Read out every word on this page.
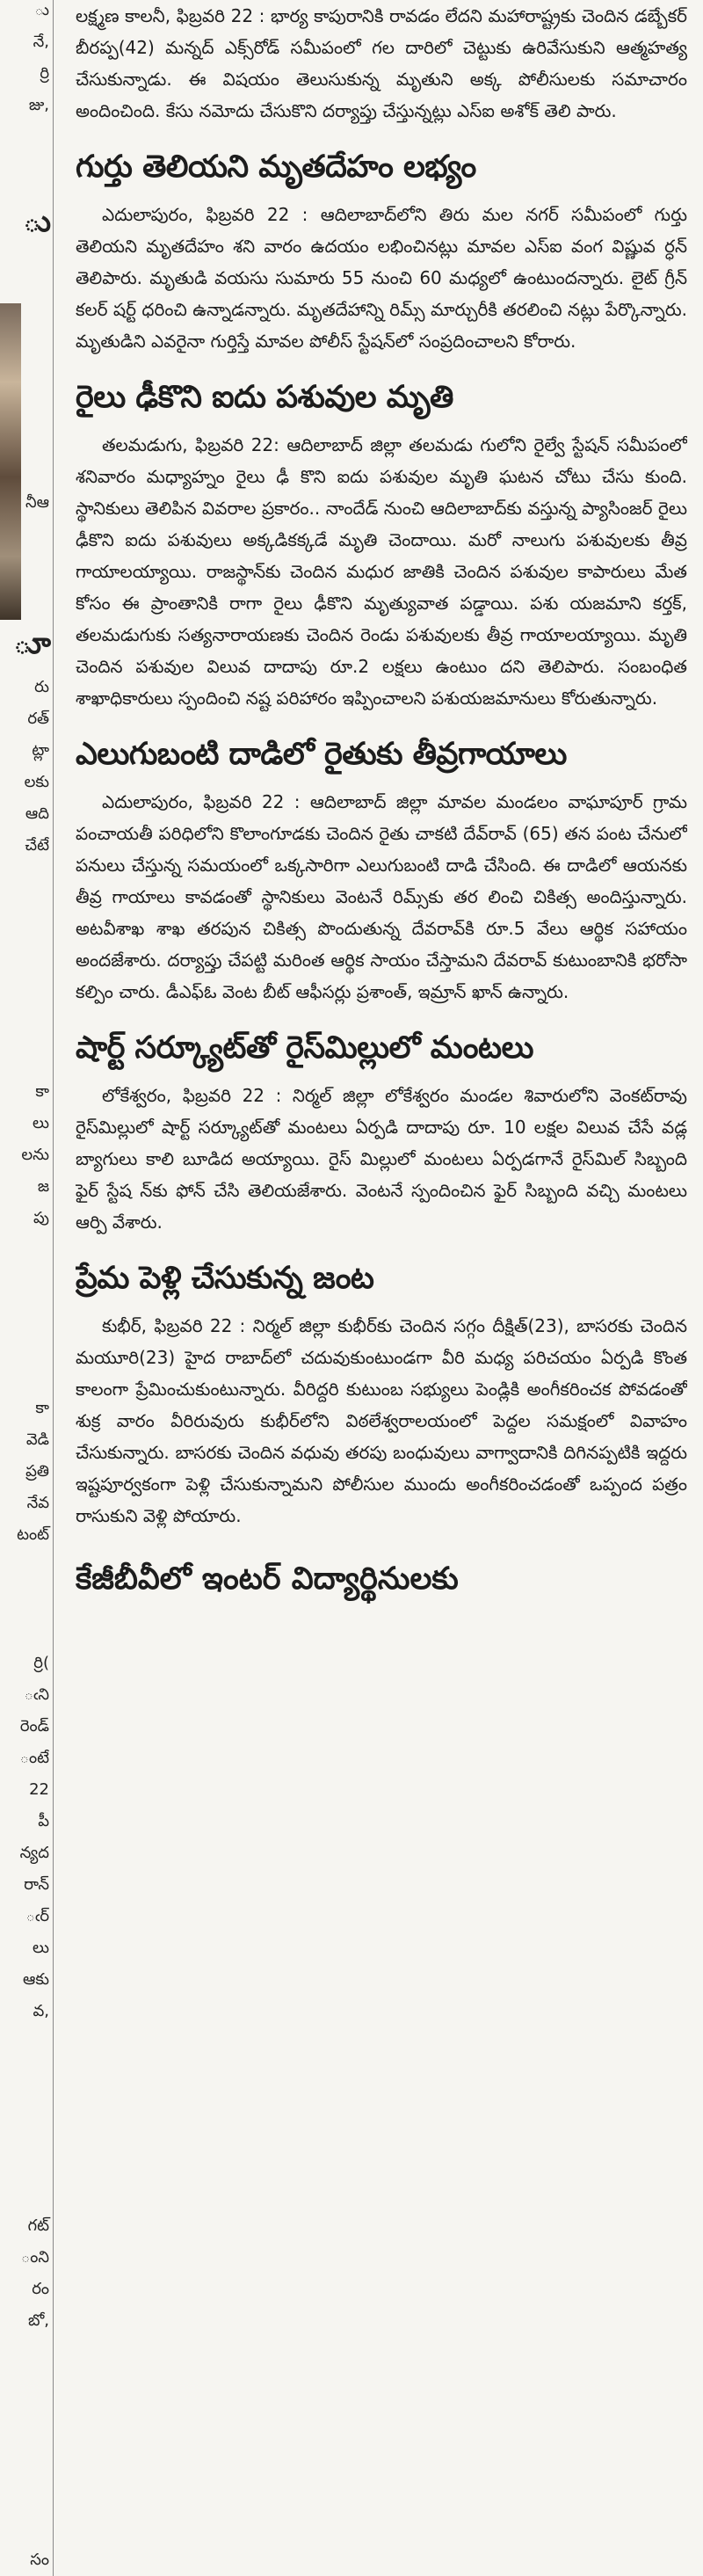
ు
నే,
ర్రి
జు,
ు
నీఆ
ూ
రు
రత్
ట్లా
లకు
ఆది
చేటే
కా
లు
లను
జ
పు
కా
వెడి
ప్రతి
నేవ
టంట్
ర్రి(
ఁని
రెండ్
ంటే
22
పీ
న్యద
రాన్
ఁర్
లు
ఆకు
వ,
గట్
ంని
రం
బో,
సం

లక్ష్మణ కాలనీ, ఫిబ్రవరి 22 : భార్య కాపురానికి రావడం లేదని మహారాష్ట్రకు చెందిన డబ్బేకర్ బీరప్ప(42) మన్నద్ ఎక్స్‌రోడ్ సమీపంలో గల దారిలో చెట్టుకు ఉరివేసుకుని ఆత్మహత్య చేసుకున్నాడు. ఈ విషయం తెలుసుకున్న మృతుని అక్క పోలీసులకు సమాచారం అందించింది. కేసు నమోదు చేసుకొని దర్యాప్తు చేస్తున్నట్లు ఎస్ఐ అశోక్ తెలి పారు.

గుర్తు తెలియని మృతదేహం లభ్యం

ఎదులాపురం, ఫిబ్రవరి 22 : ఆదిలాబాద్‌లోని తిరు మల నగర్ సమీపంలో గుర్తు తెలియని మృతదేహం శని వారం ఉదయం లభించినట్లు మావల ఎస్ఐ వంగ విష్ణువ ర్ధన్ తెలిపారు. మృతుడి వయసు సుమారు 55 నుంచి 60 మధ్యలో ఉంటుందన్నారు. లైట్ గ్రీన్ కలర్ షర్ట్ ధరించి ఉన్నాడన్నారు. మృతదేహాన్ని రిమ్స్ మార్చురీకి తరలించి నట్లు పేర్కొన్నారు. మృతుడిని ఎవరైనా గుర్తిస్తే మావల పోలీస్ స్టేషన్‌లో సంప్రదించాలని కోరారు.

రైలు ఢీకొని ఐదు పశువుల మృతి

తలమడుగు, ఫిబ్రవరి 22: ఆదిలాబాద్ జిల్లా తలమడు గులోని రైల్వే స్టేషన్ సమీపంలో శనివారం మధ్యాహ్నం రైలు ఢీ కొని ఐదు పశువుల మృతి ఘటన చోటు చేసు కుంది. స్థానికులు తెలిపిన వివరాల ప్రకారం.. నాందేడ్ నుంచి ఆదిలాబాద్‌కు వస్తున్న ప్యాసింజర్ రైలు ఢీకొని ఐదు పశువులు అక్కడికక్కడే మృతి చెందాయి. మరో నాలుగు పశువులకు తీవ్ర గాయాలయ్యాయి. రాజస్థాన్‌కు చెందిన మధుర జాతికి చెందిన పశువుల కాపారులు మేత కోసం ఈ ప్రాంతానికి రాగా రైలు ఢీకొని మృత్యువాత పడ్డాయి. పశు యజమాని కర్తక్, తలమడుగుకు సత్యనారాయణకు చెందిన రెండు పశువులకు తీవ్ర గాయాలయ్యాయి. మృతి చెందిన పశువుల విలువ దాదాపు రూ.2 లక్షలు ఉంటుం దని తెలిపారు. సంబంధిత శాఖాధికారులు స్పందించి నష్ట పరిహారం ఇప్పించాలని పశుయజమానులు కోరుతున్నారు.

ఎలుగుబంటి దాడిలో రైతుకు తీవ్రగాయాలు

ఎదులాపురం, ఫిబ్రవరి 22 : ఆదిలాబాద్ జిల్లా మావల మండలం వాఘాపూర్ గ్రామ పంచాయతీ పరిధిలోని కొలాంగూడకు చెందిన రైతు చాకటి దేవ్‌రావ్ (65) తన పంట చేనులో పనులు చేస్తున్న సమయంలో ఒక్కసారిగా ఎలుగుబంటి దాడి చేసింది. ఈ దాడిలో ఆయనకు తీవ్ర గాయాలు కావడంతో స్థానికులు వెంటనే రిమ్స్‌కు తర లించి చికిత్స అందిస్తున్నారు. అటవీశాఖ శాఖ తరపున చికిత్స పొందుతున్న దేవరావ్‌కి రూ.5 వేలు ఆర్థిక సహాయం అందజేశారు. దర్యాప్తు చేపట్టి మరింత ఆర్థిక సాయం చేస్తామని దేవరావ్ కుటుంబానికి భరోసా కల్పిం చారు. డీఎఫ్ఓ వెంట బీట్ ఆఫీసర్లు ప్రశాంత్, ఇమ్రాన్ ఖాన్ ఉన్నారు.

షార్ట్ సర్క్యూట్‌తో రైస్‌మిల్లులో మంటలు

లోకేశ్వరం, ఫిబ్రవరి 22 : నిర్మల్ జిల్లా లోకేశ్వరం మండల శివారులోని వెంకట్‌రావు రైస్‌మిల్లులో షార్ట్ సర్క్యూట్‌తో మంటలు ఏర్పడి దాదాపు రూ. 10 లక్షల విలువ చేసే వడ్ల బ్యాగులు కాలి బూడిద అయ్యాయి. రైస్ మిల్లులో మంటలు ఏర్పడగానే రైస్‌మిల్ సిబ్బంది ఫైర్ స్టేష న్‌కు ఫోన్ చేసి తెలియజేశారు. వెంటనే స్పందించిన ఫైర్ సిబ్బంది వచ్చి మంటలు ఆర్పి వేశారు.

ప్రేమ పెళ్లి చేసుకున్న జంట

కుభీర్, ఫిబ్రవరి 22 : నిర్మల్ జిల్లా కుభీర్‌కు చెందిన సగ్గం దీక్షిత్(23), బాసరకు చెందిన మయూరి(23) హైద రాబాద్‌లో చదువుకుంటుండగా వీరి మధ్య పరిచయం ఏర్పడి కొంత కాలంగా ప్రేమించుకుంటున్నారు. వీరిద్దరి కుటుంబ సభ్యులు పెండ్లికి అంగీకరించక పోవడంతో శుక్ర వారం వీరిరువురు కుభీర్‌లోని విఠలేశ్వరాలయంలో పెద్దల సమక్షంలో వివాహం చేసుకున్నారు. బాసరకు చెందిన వధువు తరపు బంధువులు వాగ్వాదానికి దిగినప్పటికి ఇద్దరు ఇష్టపూర్వకంగా పెళ్లి చేసుకున్నామని పోలీసుల ముందు అంగీకరించడంతో ఒప్పంద పత్రం రాసుకుని వెళ్లి పోయారు.

కేజీబీవీలో ఇంటర్ విద్యార్థినులకు
